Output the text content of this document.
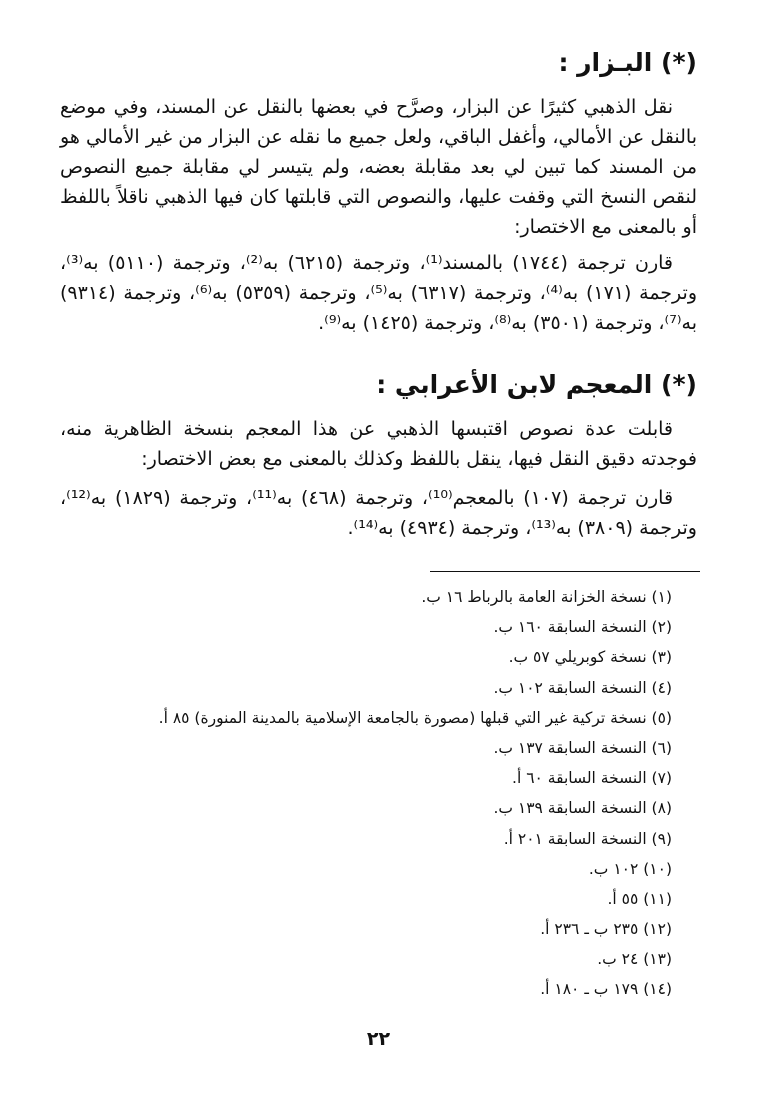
(*) البـزار :

نقل الذهبي كثيرًا عن البزار، وصرَّح في بعضها بالنقل عن المسند، وفي موضع بالنقل عن الأمالي، وأغفل الباقي، ولعل جميع ما نقله عن البزار من غير الأمالي هو من المسند كما تبين لي بعد مقابلة بعضه، ولم يتيسر لي مقابلة جميع النصوص لنقص النسخ التي وقفت عليها، والنصوص التي قابلتها كان فيها الذهبي ناقلاً باللفظ أو بالمعنى مع الاختصار:

قارن ترجمة (١٧٤٤) بالمسند⁽¹⁾، وترجمة (٦٢١٥) به⁽²⁾، وترجمة (٥١١٠) به⁽³⁾، وترجمة (١٧١) به⁽⁴⁾، وترجمة (٦٣١٧) به⁽⁵⁾، وترجمة (٥٣٥٩) به⁽⁶⁾، وترجمة (٩٣١٤) به⁽⁷⁾، وترجمة (٣٥٠١) به⁽⁸⁾، وترجمة (١٤٢٥) به⁽⁹⁾.

(*) المعجم لابن الأعرابي :

قابلت عدة نصوص اقتبسها الذهبي عن هذا المعجم بنسخة الظاهرية منه، فوجدته دقيق النقل فيها، ينقل باللفظ وكذلك بالمعنى مع بعض الاختصار:

قارن ترجمة (١٠٧) بالمعجم⁽¹⁰⁾، وترجمة (٤٦٨) به⁽¹¹⁾، وترجمة (١٨٢٩) به⁽¹²⁾، وترجمة (٣٨٠٩) به⁽¹³⁾، وترجمة (٤٩٣٤) به⁽¹⁴⁾.

(١) نسخة الخزانة العامة بالرباط ١٦ ب.
(٢) النسخة السابقة ١٦٠ ب.
(٣) نسخة كوبريلي ٥٧ ب.
(٤) النسخة السابقة ١٠٢ ب.
(٥) نسخة تركية غير التي قبلها (مصورة بالجامعة الإسلامية بالمدينة المنورة) ٨٥ أ.
(٦) النسخة السابقة ١٣٧ ب.
(٧) النسخة السابقة ٦٠ أ.
(٨) النسخة السابقة ١٣٩ ب.
(٩) النسخة السابقة ٢٠١ أ.
(١٠) ١٠٢ ب.
(١١) ٥٥ أ.
(١٢) ٢٣٥ ب ـ ٢٣٦ أ.
(١٣) ٢٤ ب.
(١٤) ١٧٩ ب ـ ١٨٠ أ.
٢٢
